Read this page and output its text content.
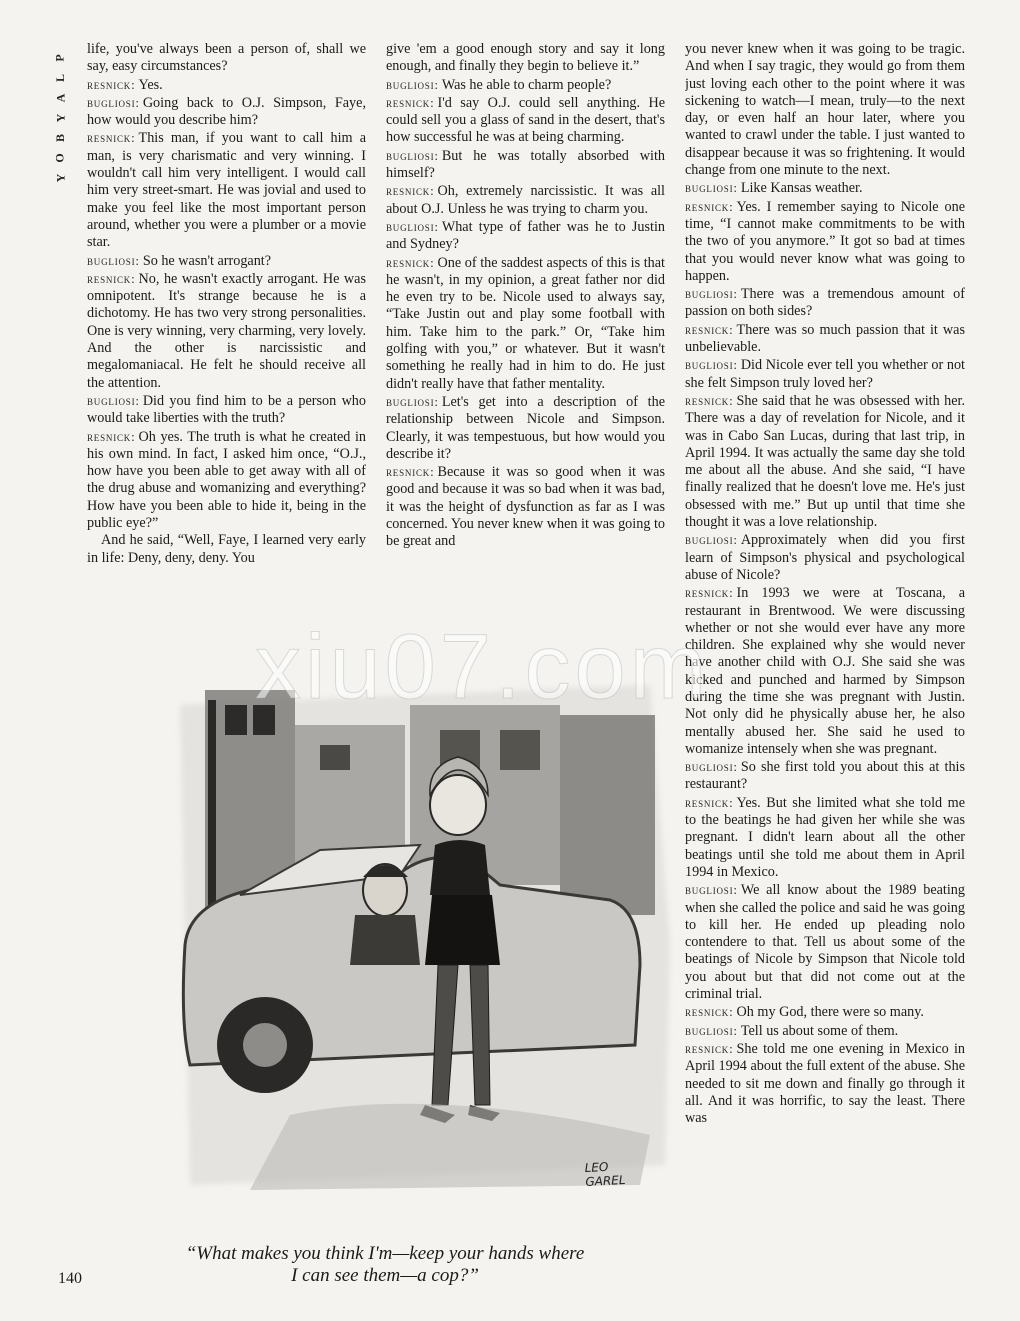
P
L
A
Y
B
O
Y

life, you've always been a person of, shall we say, easy circumstances?

resnick: Yes.

bugliosi: Going back to O.J. Simpson, Faye, how would you describe him?

resnick: This man, if you want to call him a man, is very charismatic and very winning. I wouldn't call him very intelligent. I would call him very street-smart. He was jovial and used to make you feel like the most important person around, whether you were a plumber or a movie star.

bugliosi: So he wasn't arrogant?

resnick: No, he wasn't exactly arrogant. He was omnipotent. It's strange because he is a dichotomy. He has two very strong personalities. One is very winning, very charming, very lovely. And the other is narcissistic and megalomaniacal. He felt he should receive all the attention.

bugliosi: Did you find him to be a person who would take liberties with the truth?

resnick: Oh yes. The truth is what he created in his own mind. In fact, I asked him once, “O.J., how have you been able to get away with all of the drug abuse and womanizing and everything? How have you been able to hide it, being in the public eye?”

And he said, “Well, Faye, I learned very early in life: Deny, deny, deny. You

give 'em a good enough story and say it long enough, and finally they begin to believe it.”

bugliosi: Was he able to charm people?

resnick: I'd say O.J. could sell anything. He could sell you a glass of sand in the desert, that's how successful he was at being charming.

bugliosi: But he was totally absorbed with himself?

resnick: Oh, extremely narcissistic. It was all about O.J. Unless he was trying to charm you.

bugliosi: What type of father was he to Justin and Sydney?

resnick: One of the saddest aspects of this is that he wasn't, in my opinion, a great father nor did he even try to be. Nicole used to always say, “Take Justin out and play some football with him. Take him to the park.” Or, “Take him golfing with you,” or whatever. But it wasn't something he really had in him to do. He just didn't really have that father mentality.

bugliosi: Let's get into a description of the relationship between Nicole and Simpson. Clearly, it was tempestuous, but how would you describe it?

resnick: Because it was so good when it was good and because it was so bad when it was bad, it was the height of dysfunction as far as I was concerned. You never knew when it was going to be great and

you never knew when it was going to be tragic. And when I say tragic, they would go from them just loving each other to the point where it was sickening to watch—I mean, truly—to the next day, or even half an hour later, where you wanted to crawl under the table. I just wanted to disappear because it was so frightening. It would change from one minute to the next.

bugliosi: Like Kansas weather.

resnick: Yes. I remember saying to Nicole one time, “I cannot make commitments to be with the two of you anymore.” It got so bad at times that you would never know what was going to happen.

bugliosi: There was a tremendous amount of passion on both sides?

resnick: There was so much passion that it was unbelievable.

bugliosi: Did Nicole ever tell you whether or not she felt Simpson truly loved her?

resnick: She said that he was obsessed with her. There was a day of revelation for Nicole, and it was in Cabo San Lucas, during that last trip, in April 1994. It was actually the same day she told me about all the abuse. And she said, “I have finally realized that he doesn't love me. He's just obsessed with me.” But up until that time she thought it was a love relationship.

bugliosi: Approximately when did you first learn of Simpson's physical and psychological abuse of Nicole?

resnick: In 1993 we were at Toscana, a restaurant in Brentwood. We were discussing whether or not she would ever have any more children. She explained why she would never have another child with O.J. She said she was kicked and punched and harmed by Simpson during the time she was pregnant with Justin. Not only did he physically abuse her, he also mentally abused her. She said he used to womanize intensely when she was pregnant.

bugliosi: So she first told you about this at this restaurant?

resnick: Yes. But she limited what she told me to the beatings he had given her while she was pregnant. I didn't learn about all the other beatings until she told me about them in April 1994 in Mexico.

bugliosi: We all know about the 1989 beating when she called the police and said he was going to kill her. He ended up pleading nolo contendere to that. Tell us about some of the beatings of Nicole by Simpson that Nicole told you about but that did not come out at the criminal trial.

resnick: Oh my God, there were so many.

bugliosi: Tell us about some of them.

resnick: She told me one evening in Mexico in April 1994 about the full extent of the abuse. She needed to sit me down and finally go through it all. And it was horrific, to say the least. There was

LEO
GAREL
“What makes you think I'm—keep your hands where
I can see them—a cop?”
140
xiu07.com
